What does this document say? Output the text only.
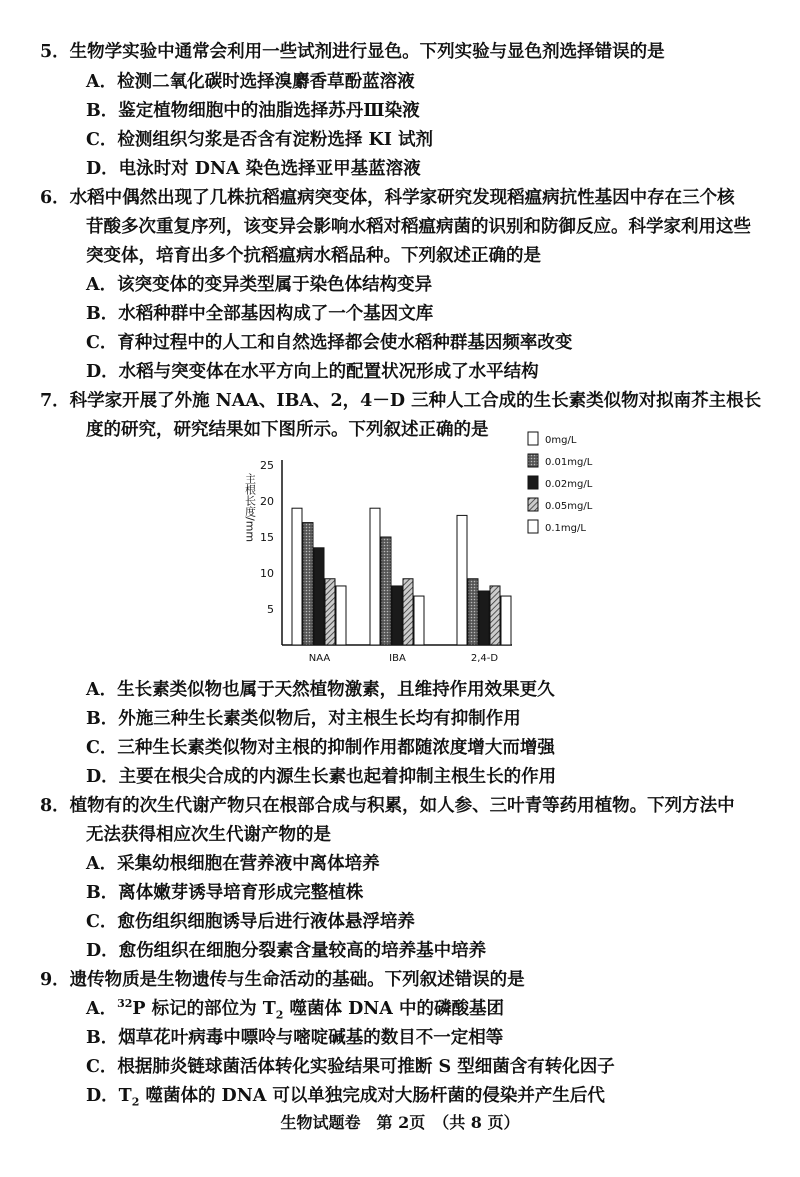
5．生物学实验中通常会利用一些试剂进行显色。下列实验与显色剂选择错误的是
A．检测二氧化碳时选择溴麝香草酚蓝溶液
B．鉴定植物细胞中的油脂选择苏丹Ⅲ染液
C．检测组织匀浆是否含有淀粉选择 KI 试剂
D．电泳时对 DNA 染色选择亚甲基蓝溶液
6．水稻中偶然出现了几株抗稻瘟病突变体，科学家研究发现稻瘟病抗性基因中存在三个核
苷酸多次重复序列，该变异会影响水稻对稻瘟病菌的识别和防御反应。科学家利用这些
突变体，培育出多个抗稻瘟病水稻品种。下列叙述正确的是
A．该突变体的变异类型属于染色体结构变异
B．水稻种群中全部基因构成了一个基因文库
C．育种过程中的人工和自然选择都会使水稻种群基因频率改变
D．水稻与突变体在水平方向上的配置状况形成了水平结构
7．科学家开展了外施 NAA、IBA、2，4－D 三种人工合成的生长素类似物对拟南芥主根长
度的研究，研究结果如下图所示。下列叙述正确的是
5
10
15
20
25
NAA	IBA	2,4-D
0mg/L
0.01mg/L
0.02mg/L
0.05mg/L
0.1mg/L
主根长度/mm
A．生长素类似物也属于天然植物激素，且维持作用效果更久
B．外施三种生长素类似物后，对主根生长均有抑制作用
C．三种生长素类似物对主根的抑制作用都随浓度增大而增强
D．主要在根尖合成的内源生长素也起着抑制主根生长的作用
8．植物有的次生代谢产物只在根部合成与积累，如人参、三叶青等药用植物。下列方法中
无法获得相应次生代谢产物的是
A．采集幼根细胞在营养液中离体培养
B．离体嫩芽诱导培育形成完整植株
C．愈伤组织细胞诱导后进行液体悬浮培养
D．愈伤组织在细胞分裂素含量较高的培养基中培养
9．遗传物质是生物遗传与生命活动的基础。下列叙述错误的是
A．$^{32}$P 标记的部位为 $T_2$ 噬菌体 DNA 中的磷酸基团
B．烟草花叶病毒中嘌呤与嘧啶碱基的数目不一定相等
C．根据肺炎链球菌活体转化实验结果可推断 S 型细菌含有转化因子
D．$T_2$ 噬菌体的 DNA 可以单独完成对大肠杆菌的侵染并产生后代
生物试题卷　第 2页　（共 8 页）
